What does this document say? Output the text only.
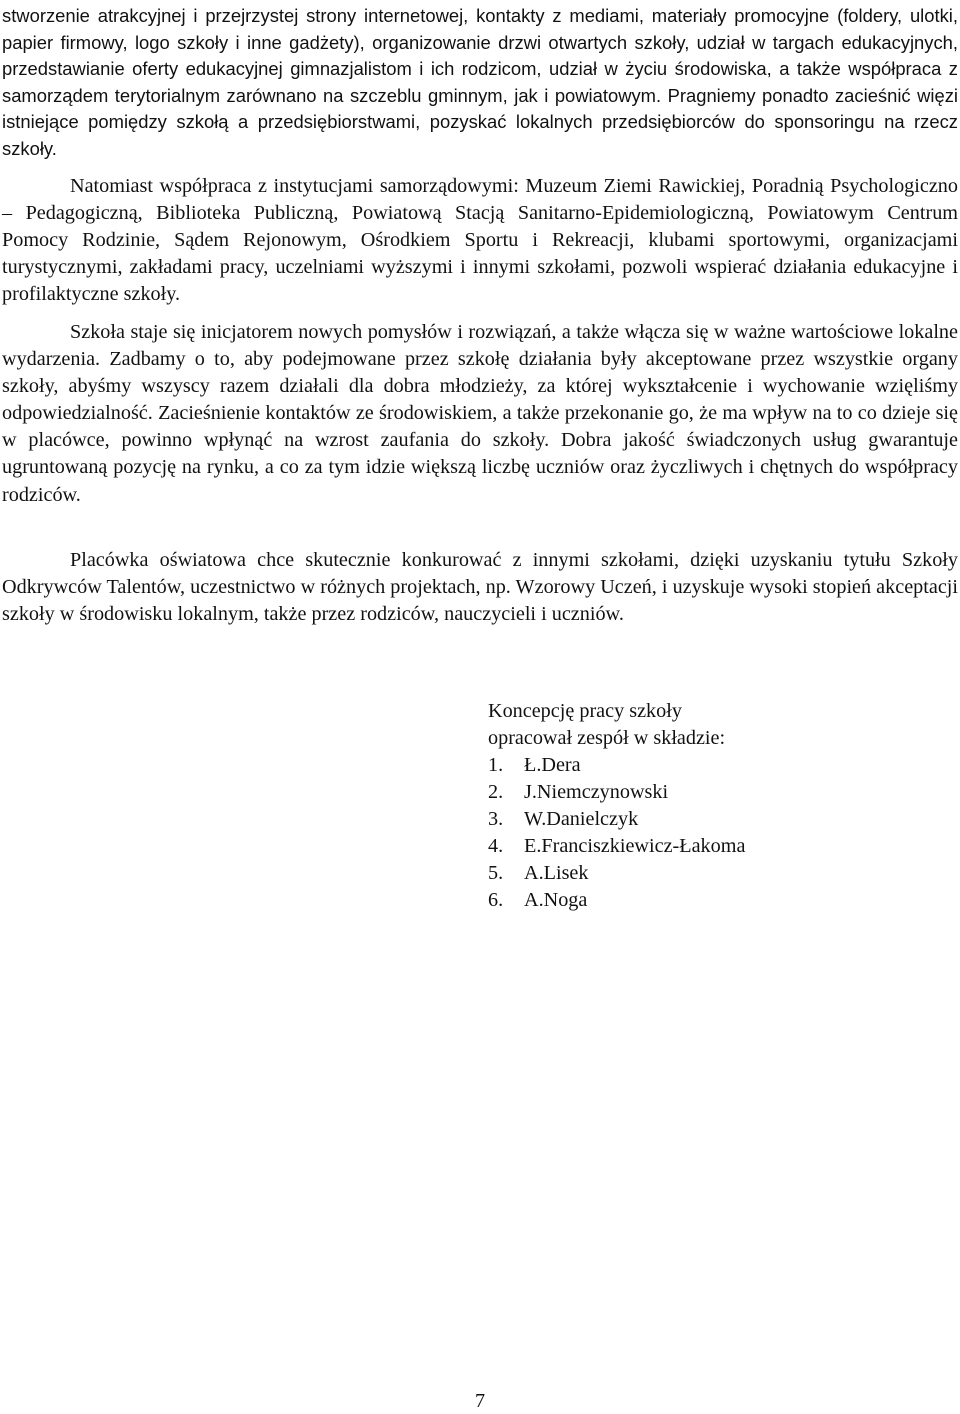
stworzenie atrakcyjnej i przejrzystej strony internetowej, kontakty z mediami, materiały promocyjne (foldery, ulotki, papier firmowy, logo szkoły i inne gadżety), organizowanie drzwi otwartych szkoły, udział w targach edukacyjnych, przedstawianie oferty edukacyjnej gimnazjalistom i ich rodzicom, udział w życiu środowiska, a także współpraca z samorządem terytorialnym zarównano na szczeblu gminnym, jak i powiatowym. Pragniemy ponadto zacieśnić więzi istniejące pomiędzy szkołą a przedsiębiorstwami, pozyskać lokalnych przedsiębiorców do sponsoringu na rzecz szkoły.

Natomiast współpraca z instytucjami samorządowymi: Muzeum Ziemi Rawickiej, Poradnią Psychologiczno – Pedagogiczną, Biblioteka Publiczną, Powiatową Stacją Sanitarno-Epidemiologiczną, Powiatowym Centrum Pomocy Rodzinie, Sądem Rejonowym, Ośrodkiem Sportu i Rekreacji, klubami sportowymi, organizacjami turystycznymi, zakładami pracy, uczelniami wyższymi i innymi szkołami, pozwoli wspierać działania edukacyjne i profilaktyczne szkoły.

Szkoła staje się inicjatorem nowych pomysłów i rozwiązań, a także włącza się w ważne wartościowe lokalne wydarzenia. Zadbamy o to, aby podejmowane przez szkołę działania były akceptowane przez wszystkie organy szkoły, abyśmy wszyscy razem działali dla dobra młodzieży, za której wykształcenie i wychowanie wzięliśmy odpowiedzialność. Zacieśnienie kontaktów ze środowiskiem, a także przekonanie go, że ma wpływ na to co dzieje się w placówce, powinno wpłynąć na wzrost zaufania do szkoły. Dobra jakość świadczonych usług gwarantuje ugruntowaną pozycję na rynku, a co za tym idzie większą liczbę uczniów oraz życzliwych i chętnych do współpracy rodziców.

Placówka oświatowa chce skutecznie konkurować z innymi szkołami, dzięki uzyskaniu tytułu Szkoły Odkrywców Talentów, uczestnictwo w różnych projektach, np. Wzorowy Uczeń, i uzyskuje wysoki stopień akceptacji szkoły w środowisku lokalnym, także przez rodziców, nauczycieli i uczniów.

Koncepcję pracy szkoły
opracował zespół w składzie:
1. Ł.Dera
2. J.Niemczynowski
3. W.Danielczyk
4. E.Franciszkiewicz-Łakoma
5. A.Lisek
6. A.Noga
7
